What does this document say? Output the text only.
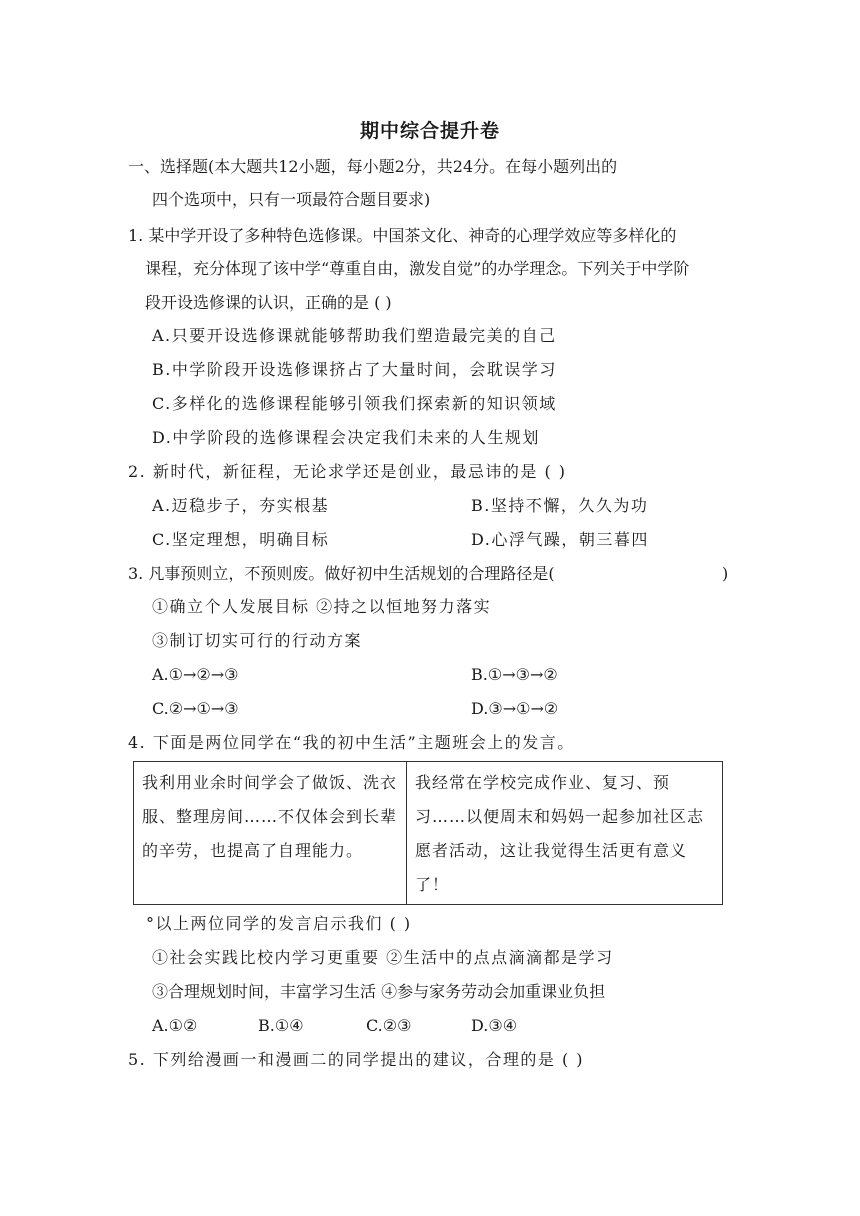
期中综合提升卷
一、选择题(本大题共12小题，每小题2分，共24分。在每小题列出的
四个选项中，只有一项最符合题目要求)
1. 某中学开设了多种特色选修课。中国茶文化、神奇的心理学效应等多样化的
课程，充分体现了该中学“尊重自由，激发自觉”的办学理念。下列关于中学阶
段开设选修课的认识，正确的是 ( )
A.只要开设选修课就能够帮助我们塑造最完美的自己
B.中学阶段开设选修课挤占了大量时间，会耽误学习
C.多样化的选修课程能够引领我们探索新的知识领域
D.中学阶段的选修课程会决定我们未来的人生规划
2. 新时代，新征程，无论求学还是创业，最忌讳的是 ( )
A.迈稳步子，夯实根基	B.坚持不懈，久久为功
C.坚定理想，明确目标	D.心浮气躁，朝三暮四
3. 凡事预则立，不预则废。做好初中生活规划的合理路径是(	)
①确立个人发展目标 ②持之以恒地努力落实
③制订切实可行的行动方案
A.①→②→③	B.①→③→②
C.②→①→③	D.③→①→②
4. 下面是两位同学在“我的初中生活”主题班会上的发言。
我利用业余时间学会了做饭、洗衣服、整理房间……不仅体会到长辈的辛劳，也提高了自理能力。
我经常在学校完成作业、复习、预习……以便周末和妈妈一起参加社区志愿者活动，这让我觉得生活更有意义了！
°以上两位同学的发言启示我们 ( )
①社会实践比校内学习更重要 ②生活中的点点滴滴都是学习
③合理规划时间，丰富学习生活 ④参与家务劳动会加重课业负担
A.①②	B.①④	C.②③	D.③④
5. 下列给漫画一和漫画二的同学提出的建议，合理的是 ( )
